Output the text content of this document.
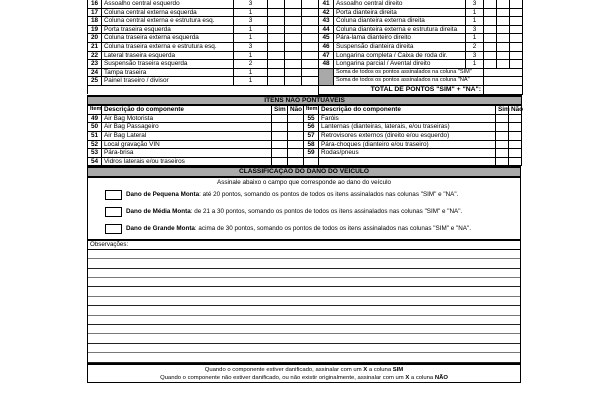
16	Assoalho central esquerdo	3				41	Assoalho central direito	3			
17	Coluna central externa esquerda	1				42	Porta dianteira direita	1			
18	Coluna central externa e estrutura esq.	3				43	Coluna dianteira externa direita	1			
19	Porta traseira esquerda	1				44	Coluna dianteira externa e estrutura direita	3			
20	Coluna traseira externa esquerda	1				45	Pára-lama dianteiro direito	1			
21	Coluna traseira externa e estrutura esq.	3				46	Suspensão dianteira direita	2			
22	Lateral traseira esquerda	1				47	Longarina completa / Caixa de roda dir.	3			
23	Suspensão traseira esquerda	2				48	Longarina parcial / Avental direito	1			
24	Tampa traseira	1					Soma de todos os pontos assinalados na coluna "SIM"				
25	Painel traseiro / divisor	1					Soma de todos os pontos assinalados na coluna "NA"				
						TOTAL DE PONTOS "SIM" + "NA":					
ITENS NÃO PONTUÁVEIS							
Item	Descrição do componente	Sim	Não	Item	Descrição do componente	Sim	Não
49	Air Bag Motorista			55	Faróis		
50	Air Bag Passageiro			56	Lanternas (dianteiras, laterais, e/ou traseiras)		
51	Air Bag Lateral			57	Retrovisores externos (direito e/ou esquerdo)		
52	Local gravação VIN			58	Pára-choques (dianteiro e/ou traseiro)		
53	Pára-brisa			59	Rodas/pneus		
54	Vidros laterais e/ou traseiros						
CLASSIFICAÇÃO DO DANO DO VEÍCULO
Assinale abaixo o campo que corresponde ao dano do veículo
Dano de Pequena Monta: até 20 pontos, somando os pontos de todos os itens assinalados nas colunas "SIM" e "NA".
Dano de Média Monta: de 21 a 30 pontos, somando os pontos de todos os itens assinalados nas colunas "SIM" e "NA".
Dano de Grande Monta: acima de 30 pontos, somando os pontos de todos os itens assinalados nas colunas "SIM" e "NA".
Observações:
Quando o componente estiver danificado, assinalar com um X a coluna SIM
Quando o componente não estiver danificado, ou não existir originalmente, assinalar com um X a coluna NÃO
